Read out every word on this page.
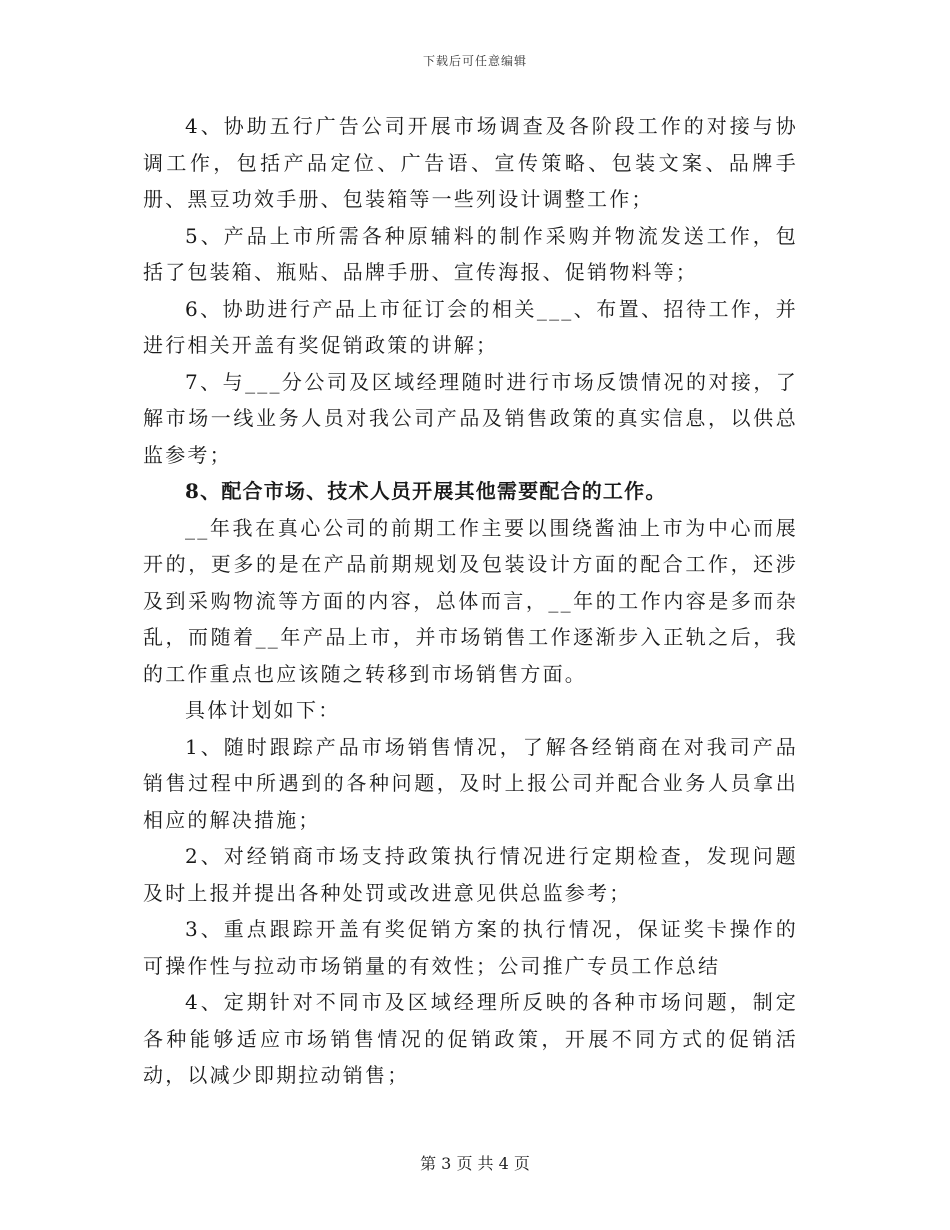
下载后可任意编辑

4、协助五行广告公司开展市场调查及各阶段工作的对接与协调工作，包括产品定位、广告语、宣传策略、包装文案、品牌手册、黑豆功效手册、包装箱等一些列设计调整工作；

5、产品上市所需各种原辅料的制作采购并物流发送工作，包括了包装箱、瓶贴、品牌手册、宣传海报、促销物料等；

6、协助进行产品上市征订会的相关___、布置、招待工作，并进行相关开盖有奖促销政策的讲解；

7、与___分公司及区域经理随时进行市场反馈情况的对接，了解市场一线业务人员对我公司产品及销售政策的真实信息，以供总监参考；

8、配合市场、技术人员开展其他需要配合的工作。

__年我在真心公司的前期工作主要以围绕酱油上市为中心而展开的，更多的是在产品前期规划及包装设计方面的配合工作，还涉及到采购物流等方面的内容，总体而言，__年的工作内容是多而杂乱，而随着__年产品上市，并市场销售工作逐渐步入正轨之后，我的工作重点也应该随之转移到市场销售方面。

具体计划如下：

1、随时跟踪产品市场销售情况，了解各经销商在对我司产品销售过程中所遇到的各种问题，及时上报公司并配合业务人员拿出相应的解决措施；

2、对经销商市场支持政策执行情况进行定期检查，发现问题及时上报并提出各种处罚或改进意见供总监参考；

3、重点跟踪开盖有奖促销方案的执行情况，保证奖卡操作的可操作性与拉动市场销量的有效性；公司推广专员工作总结

4、定期针对不同市及区域经理所反映的各种市场问题，制定各种能够适应市场销售情况的促销政策，开展不同方式的促销活动，以减少即期拉动销售；

第 3 页 共 4 页
